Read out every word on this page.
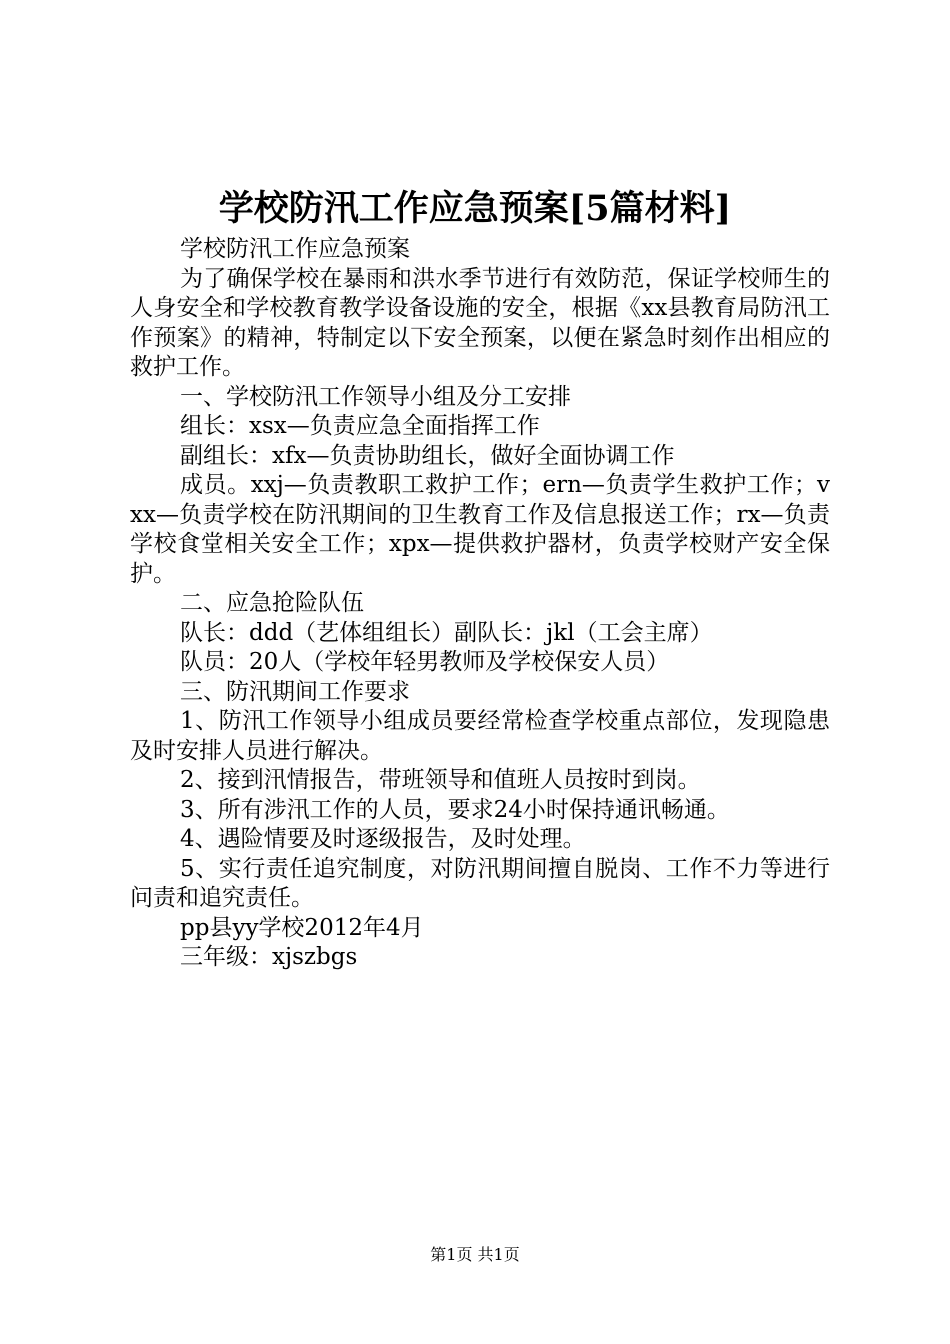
学校防汛工作应急预案[5篇材料]

学校防汛工作应急预案

为了确保学校在暴雨和洪水季节进行有效防范，保证学校师生的人身安全和学校教育教学设备设施的安全，根据《xx县教育局防汛工作预案》的精神，特制定以下安全预案，以便在紧急时刻作出相应的救护工作。

一、学校防汛工作领导小组及分工安排

组长：xsx—负责应急全面指挥工作

副组长：xfx—负责协助组长，做好全面协调工作

成员。xxj—负责教职工救护工作；ern—负责学生救护工作；vxx—负责学校在防汛期间的卫生教育工作及信息报送工作；rx—负责学校食堂相关安全工作；xpx—提供救护器材，负责学校财产安全保护。

二、应急抢险队伍

队长：ddd（艺体组组长）副队长：jkl（工会主席）

队员：20人（学校年轻男教师及学校保安人员）

三、防汛期间工作要求

1、防汛工作领导小组成员要经常检查学校重点部位，发现隐患及时安排人员进行解决。

2、接到汛情报告，带班领导和值班人员按时到岗。

3、所有涉汛工作的人员，要求24小时保持通讯畅通。

4、遇险情要及时逐级报告，及时处理。

5、实行责任追究制度，对防汛期间擅自脱岗、工作不力等进行问责和追究责任。

pp县yy学校2012年4月

三年级：xjszbgs

第1页 共1页
